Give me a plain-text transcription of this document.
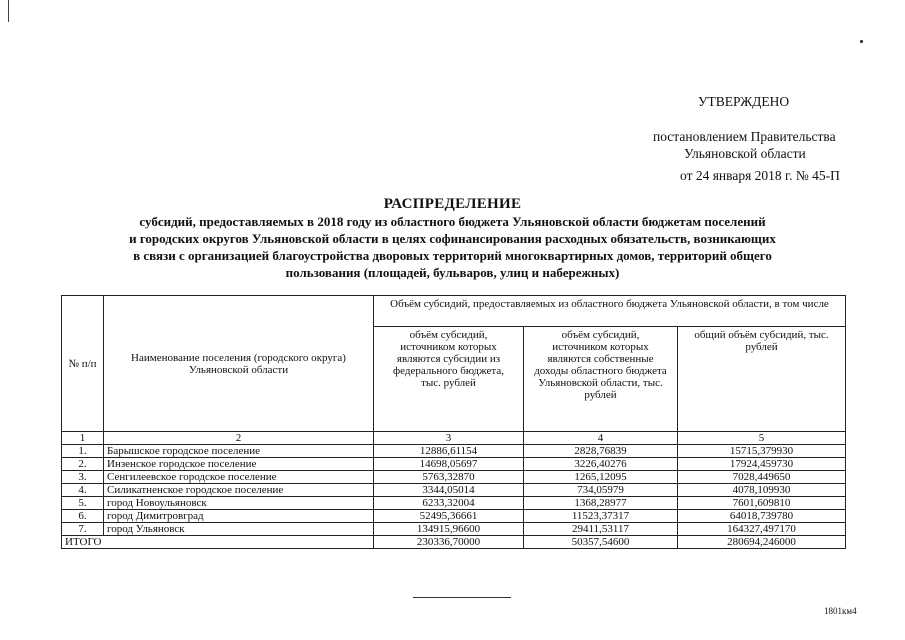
УТВЕРЖДЕНО
постановлением Правительства
Ульяновской области
от 24 января 2018 г. № 45-П
РАСПРЕДЕЛЕНИЕ
субсидий, предоставляемых в 2018 году из областного бюджета Ульяновской области бюджетам поселений
и городских округов Ульяновской области в целях софинансирования расходных обязательств, возникающих
в связи с организацией благоустройства дворовых территорий многоквартирных домов, территорий общего
пользования (площадей, бульваров, улиц и набережных)
№ п/п	Наименование поселения (городского округа) Ульяновской области	Объём субсидий, предоставляемых из областного бюджета Ульяновской области, в том числе		
		объём субсидий, источником которых являются субсидии из федерального бюджета, тыс. рублей	объём субсидий, источником которых являются собственные доходы областного бюджета Ульяновской области, тыс. рублей	общий объём субсидий, тыс. рублей
1	2	3	4	5
1.	Барышское городское поселение	12886,61154	2828,76839	15715,379930
2.	Инзенское городское поселение	14698,05697	3226,40276	17924,459730
3.	Сенгилеевское городское поселение	5763,32870	1265,12095	7028,449650
4.	Силикатненское городское поселение	3344,05014	734,05979	4078,109930
5.	город Новоульяновск	6233,32004	1368,28977	7601,609810
6.	город Димитровград	52495,36661	11523,37317	64018,739780
7.	город Ульяновск	134915,96600	29411,53117	164327,497170
ИТОГО		230336,70000	50357,54600	280694,246000
1801км4
